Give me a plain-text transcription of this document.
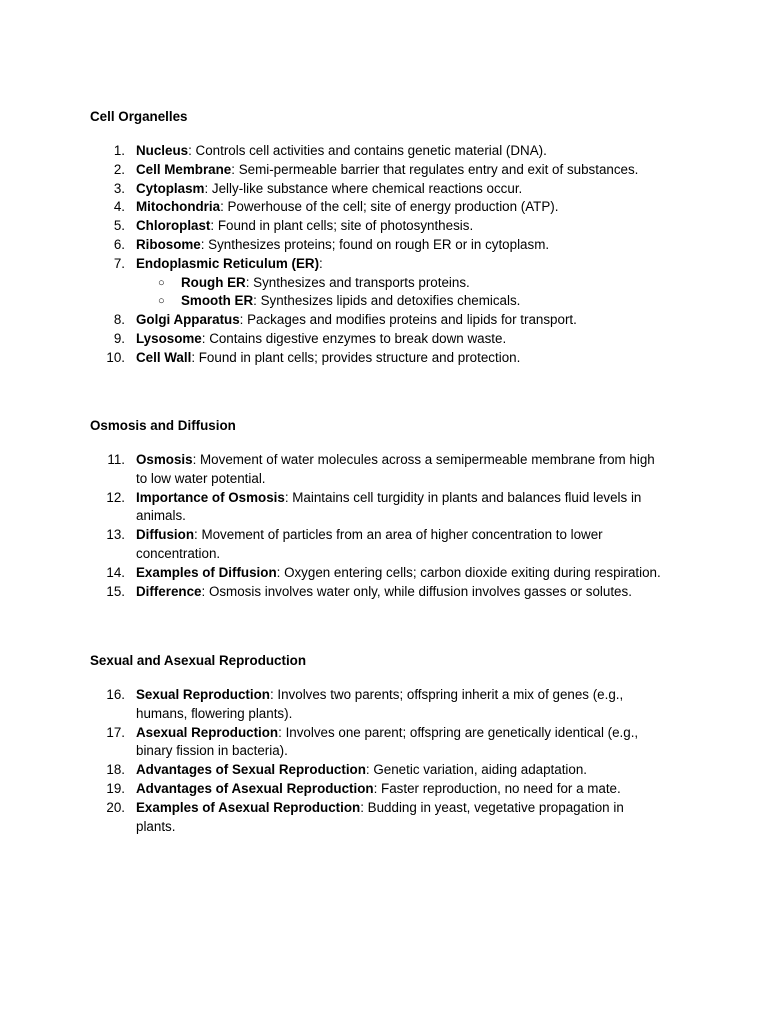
Cell Organelles
1. Nucleus: Controls cell activities and contains genetic material (DNA).
2. Cell Membrane: Semi-permeable barrier that regulates entry and exit of substances.
3. Cytoplasm: Jelly-like substance where chemical reactions occur.
4. Mitochondria: Powerhouse of the cell; site of energy production (ATP).
5. Chloroplast: Found in plant cells; site of photosynthesis.
6. Ribosome: Synthesizes proteins; found on rough ER or in cytoplasm.
7. Endoplasmic Reticulum (ER):
○ Rough ER: Synthesizes and transports proteins.
○ Smooth ER: Synthesizes lipids and detoxifies chemicals.
8. Golgi Apparatus: Packages and modifies proteins and lipids for transport.
9. Lysosome: Contains digestive enzymes to break down waste.
10. Cell Wall: Found in plant cells; provides structure and protection.
Osmosis and Diffusion
11. Osmosis: Movement of water molecules across a semipermeable membrane from high
to low water potential.
12. Importance of Osmosis: Maintains cell turgidity in plants and balances fluid levels in
animals.
13. Diffusion: Movement of particles from an area of higher concentration to lower
concentration.
14. Examples of Diffusion: Oxygen entering cells; carbon dioxide exiting during respiration.
15. Difference: Osmosis involves water only, while diffusion involves gasses or solutes.
Sexual and Asexual Reproduction
16. Sexual Reproduction: Involves two parents; offspring inherit a mix of genes (e.g.,
humans, flowering plants).
17. Asexual Reproduction: Involves one parent; offspring are genetically identical (e.g.,
binary fission in bacteria).
18. Advantages of Sexual Reproduction: Genetic variation, aiding adaptation.
19. Advantages of Asexual Reproduction: Faster reproduction, no need for a mate.
20. Examples of Asexual Reproduction: Budding in yeast, vegetative propagation in
plants.
